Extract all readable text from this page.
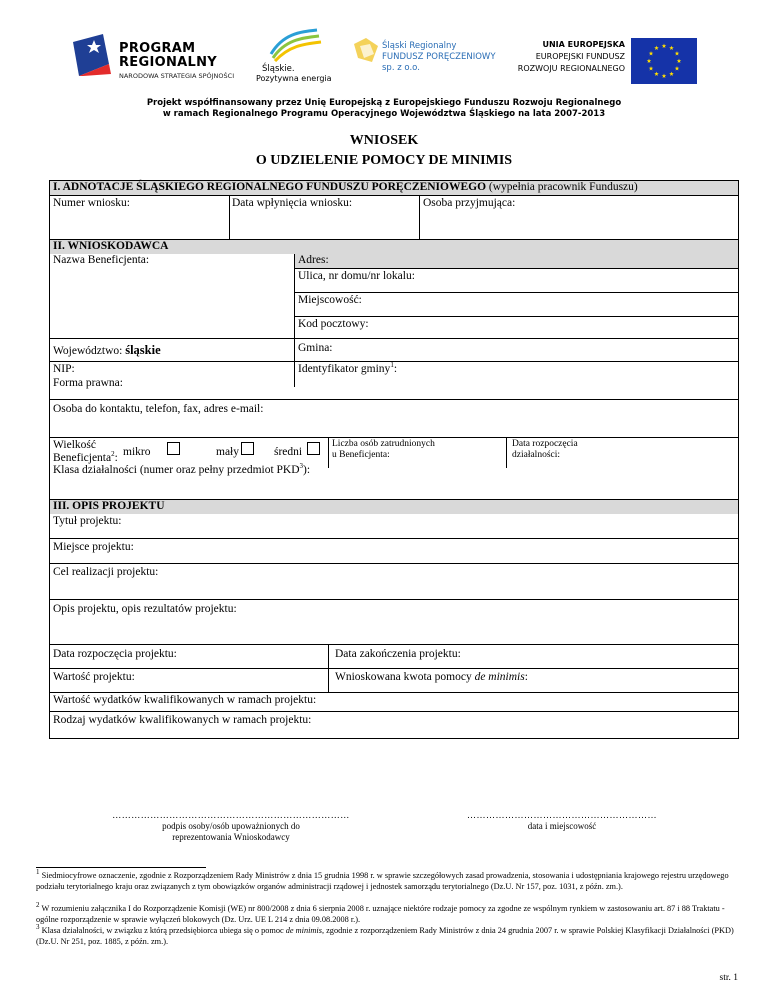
PROGRAM
REGIONALNY
NARODOWA STRATEGIA SPÓJNOŚCI
Śląskie.
Pozytywna energia
Śląski Regionalny
FUNDUSZ PORĘCZENIOWY
sp. z o.o.
UNIA EUROPEJSKA
EUROPEJSKI FUNDUSZ
ROZWOJU REGIONALNEGO
Projekt współfinansowany przez Unię Europejską z Europejskiego Funduszu Rozwoju Regionalnego
w ramach Regionalnego Programu Operacyjnego Województwa Śląskiego na lata 2007-2013
WNIOSEK
O UDZIELENIE POMOCY DE MINIMIS
I. ADNOTACJE ŚLĄSKIEGO REGIONALNEGO FUNDUSZU PORĘCZENIOWEGO (wypełnia pracownik Funduszu)
Numer wniosku:	Data wpłynięcia wniosku:	Osoba przyjmująca:
II. WNIOSKODAWCA
Nazwa Beneficjenta:	Adres:
Ulica, nr domu/nr lokalu:
Miejscowość:
Kod pocztowy:
Województwo: śląskie	Gmina:
NIP:	Identyfikator gminy$^1$:
Forma prawna:
Osoba do kontaktu, telefon, fax, adres e-mail:
Wielkość
Beneficjenta$^2$: mikro	mały	średni
Liczba osób zatrudnionych
u Beneficjenta:
Data rozpoczęcia
działalności:
Klasa działalności (numer oraz pełny przedmiot PKD$^3$):
III. OPIS PROJEKTU
Tytuł projektu:
Miejsce projektu:
Cel realizacji projektu:
Opis projektu, opis rezultatów projektu:
Data rozpoczęcia projektu:	Data zakończenia projektu:
Wartość projektu:	Wnioskowana kwota pomocy de minimis:
Wartość wydatków kwalifikowanych w ramach projektu:
Rodzaj wydatków kwalifikowanych w ramach projektu:
…………………………………………………………………
podpis osoby/osób upoważnionych do
reprezentowania Wnioskodawcy
……………………………………………………
data i miejscowość
$^1$ Siedmiocyfrowe oznaczenie, zgodnie z Rozporządzeniem Rady Ministrów z dnia 15 grudnia 1998 r. w sprawie szczegółowych zasad prowadzenia, stosowania i udostępniania krajowego rejestru urzędowego podziału terytorialnego kraju oraz związanych z tym obowiązków organów administracji rządowej i jednostek samorządu terytorialnego (Dz.U. Nr 157, poz. 1031, z późn. zm.).
$^2$ W rozumieniu załącznika I do Rozporządzenie Komisji (WE) nr 800/2008 z dnia 6 sierpnia 2008 r. uznające niektóre rodzaje pomocy za zgodne ze wspólnym rynkiem w zastosowaniu art. 87 i 88 Traktatu - ogólne rozporządzenie w sprawie wyłączeń blokowych (Dz. Urz. UE L 214 z dnia 09.08.2008 r.).
$^3$ Klasa działalności, w związku z którą przedsiębiorca ubiega się o pomoc de minimis, zgodnie z rozporządzeniem Rady Ministrów z dnia 24 grudnia 2007 r. w sprawie Polskiej Klasyfikacji Działalności (PKD) (Dz.U. Nr 251, poz. 1885, z późn. zm.).
str. 1
